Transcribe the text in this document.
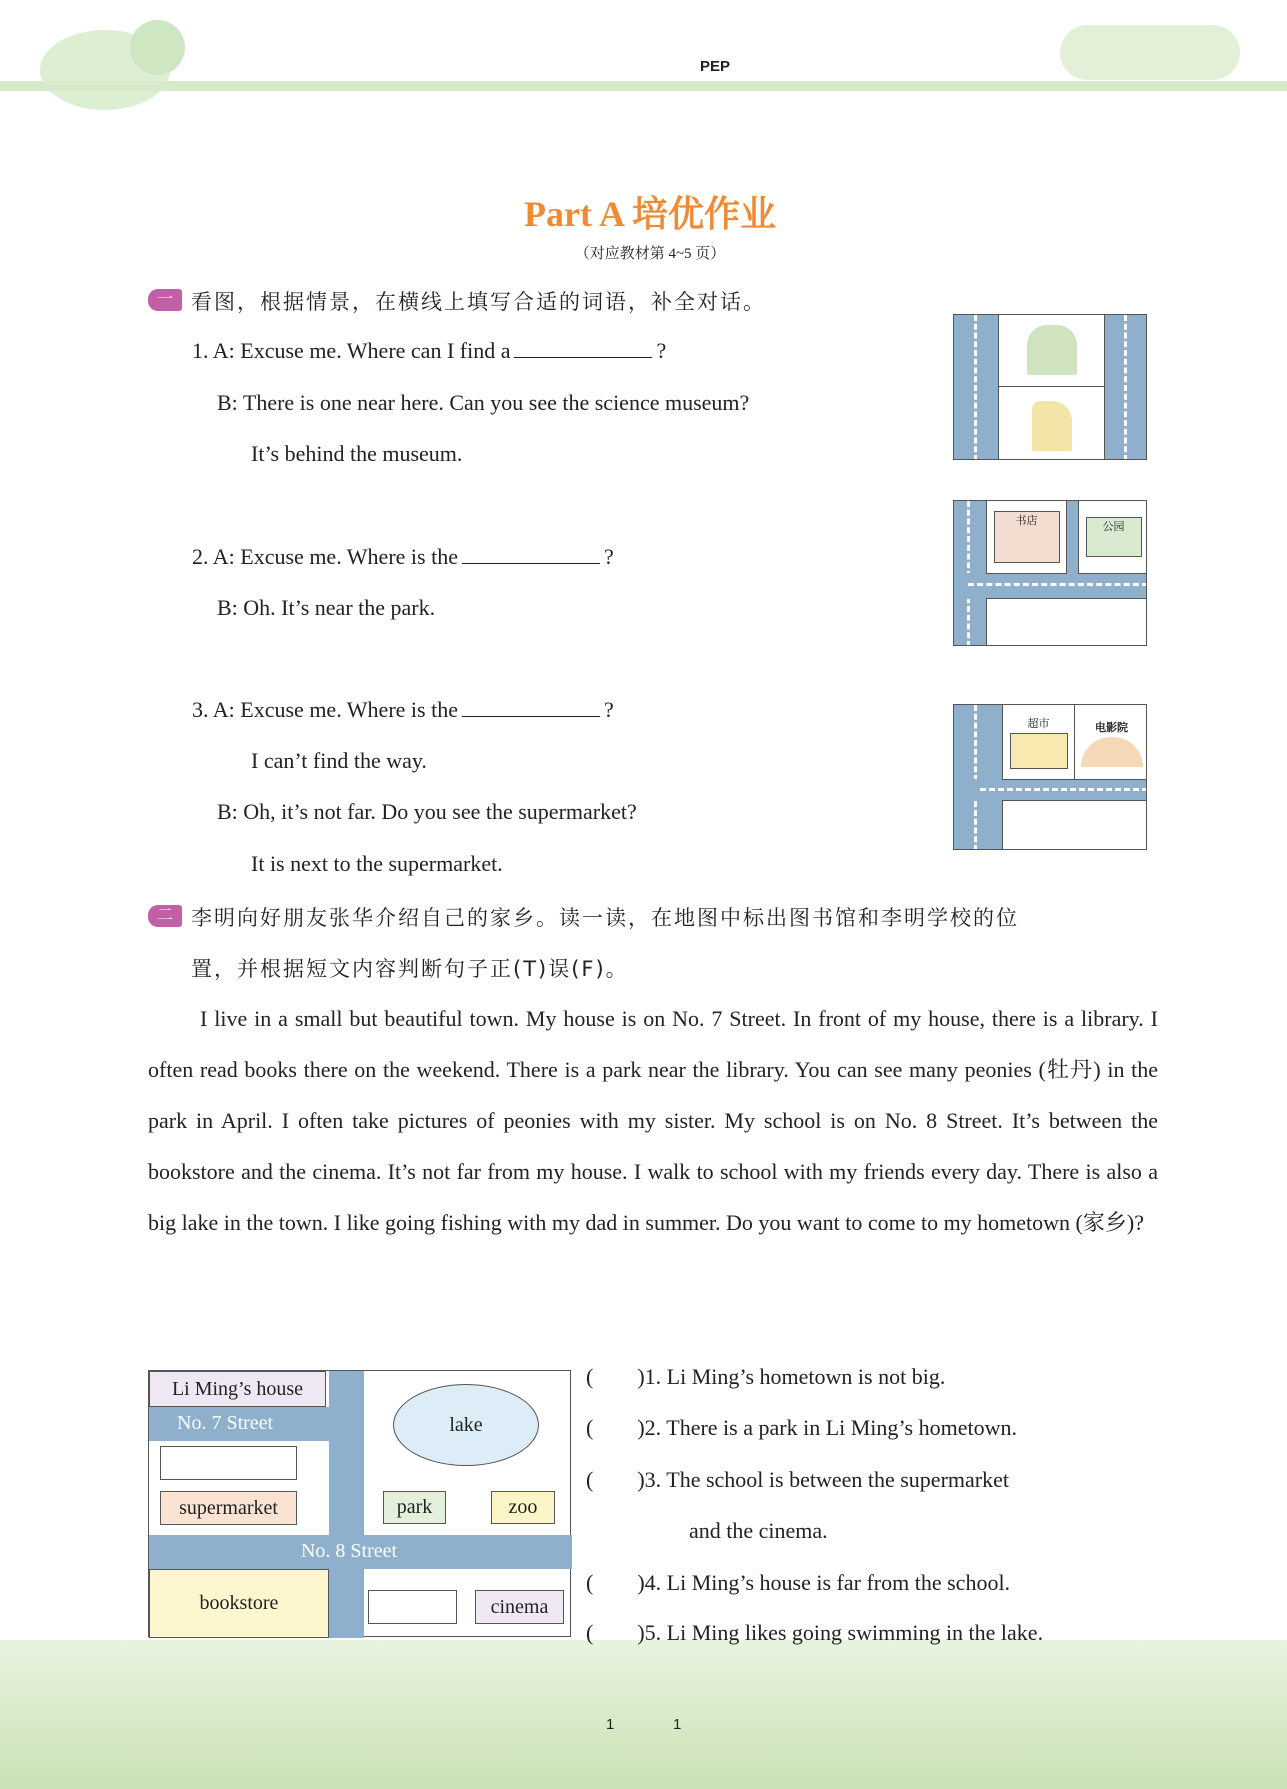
PEP
Part A 培优作业
（对应教材第 4~5 页）
一 看图，根据情景，在横线上填写合适的词语，补全对话。
1. A: Excuse me. Where can I find a	?
B: There is one near here. Can you see the science museum?
It’s behind the museum.
2. A: Excuse me. Where is the	?
B: Oh. It’s near the park.
3. A: Excuse me. Where is the	?
I can’t find the way.
B: Oh, it’s not far. Do you see the supermarket?
It is next to the supermarket.
书店	公园
超市	电影院
二 李明向好朋友张华介绍自己的家乡。读一读，在地图中标出图书馆和李明学校的位
置，并根据短文内容判断句子正(T)误(F)。
I live in a small but beautiful town. My house is on No. 7 Street. In front of my house, there is a library. I often read books there on the weekend. There is a park near the library. You can see many peonies (牡丹) in the park in April. I often take pictures of peonies with my sister. My school is on No. 8 Street. It’s between the bookstore and the cinema. It’s not far from my house. I walk to school with my friends every day. There is also a big lake in the town. I like going fishing with my dad in summer. Do you want to come to my hometown (家乡)?
No. 7 Street
Li Ming’s house
supermarket
lake
park	zoo
No. 8 Street
bookstore	cinema
(        )1. Li Ming’s hometown is not big.
(        )2. There is a park in Li Ming’s hometown.
(        )3. The school is between the supermarket
and the cinema.
(        )4. Li Ming’s house is far from the school.
(        )5. Li Ming likes going swimming in the lake.
1	1
